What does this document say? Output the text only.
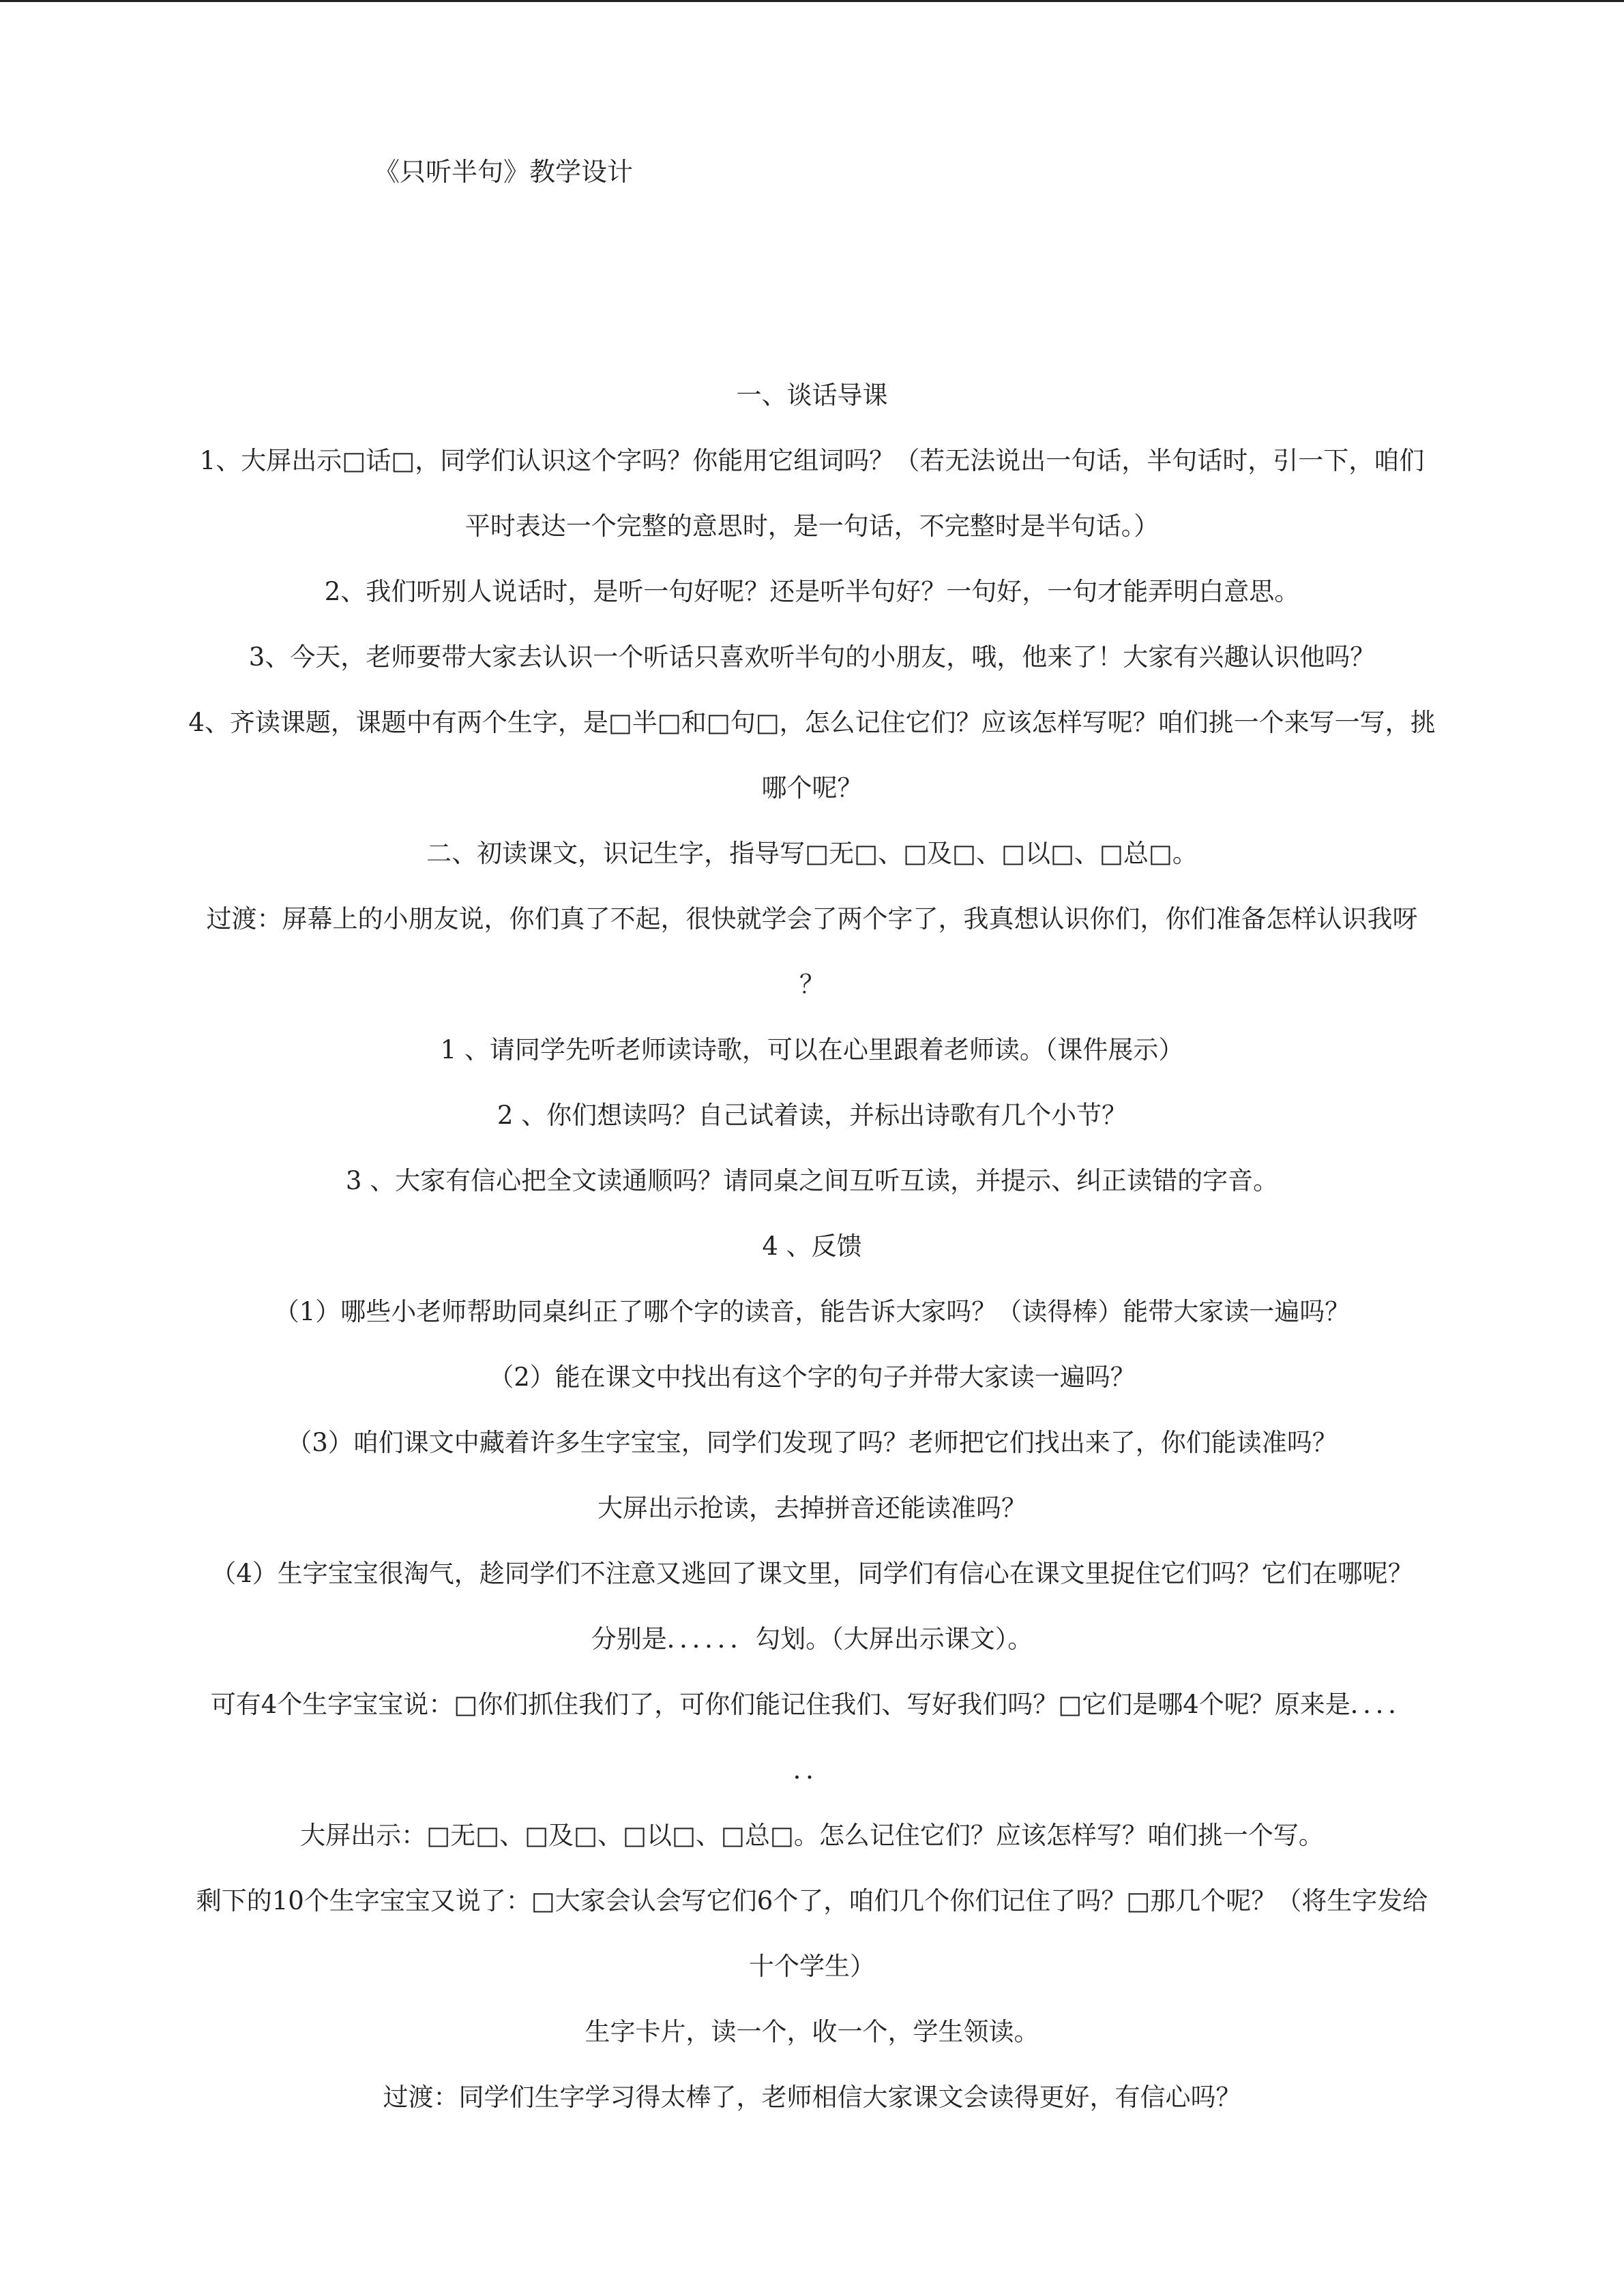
《只听半句》教学设计
一、谈话导课
1、大屏出示□话□，同学们认识这个字吗？你能用它组词吗？（若无法说出一句话，半句话时，引一下，咱们
平时表达一个完整的意思时，是一句话，不完整时是半句话。）
2、我们听别人说话时，是听一句好呢？还是听半句好？一句好，一句才能弄明白意思。
3、今天，老师要带大家去认识一个听话只喜欢听半句的小朋友，哦，他来了！大家有兴趣认识他吗？
4、齐读课题，课题中有两个生字，是□半□和□句□，怎么记住它们？应该怎样写呢？咱们挑一个来写一写，挑
哪个呢？
二、初读课文，识记生字，指导写□无□、□及□、□以□、□总□。
过渡：屏幕上的小朋友说，你们真了不起，很快就学会了两个字了，我真想认识你们，你们准备怎样认识我呀
？
1 、请同学先听老师读诗歌，可以在心里跟着老师读。（课件展示）
2 、你们想读吗？自己试着读，并标出诗歌有几个小节？
3 、大家有信心把全文读通顺吗？请同桌之间互听互读，并提示、纠正读错的字音。
4 、反馈
（1）哪些小老师帮助同桌纠正了哪个字的读音，能告诉大家吗？（读得棒）能带大家读一遍吗？
（2）能在课文中找出有这个字的句子并带大家读一遍吗？
（3）咱们课文中藏着许多生字宝宝，同学们发现了吗？老师把它们找出来了，你们能读准吗？
大屏出示抢读，去掉拼音还能读准吗？
（4）生字宝宝很淘气，趁同学们不注意又逃回了课文里，同学们有信心在课文里捉住它们吗？它们在哪呢？
分别是．．．．．．勾划。（大屏出示课文）。
可有4个生字宝宝说：□你们抓住我们了，可你们能记住我们、写好我们吗？□它们是哪4个呢？原来是．．．．
．．
大屏出示：□无□、□及□、□以□、□总□。怎么记住它们？应该怎样写？咱们挑一个写。
剩下的10个生字宝宝又说了：□大家会认会写它们6个了，咱们几个你们记住了吗？□那几个呢？（将生字发给
十个学生）
生字卡片，读一个，收一个，学生领读。
过渡：同学们生字学习得太棒了，老师相信大家课文会读得更好，有信心吗？
